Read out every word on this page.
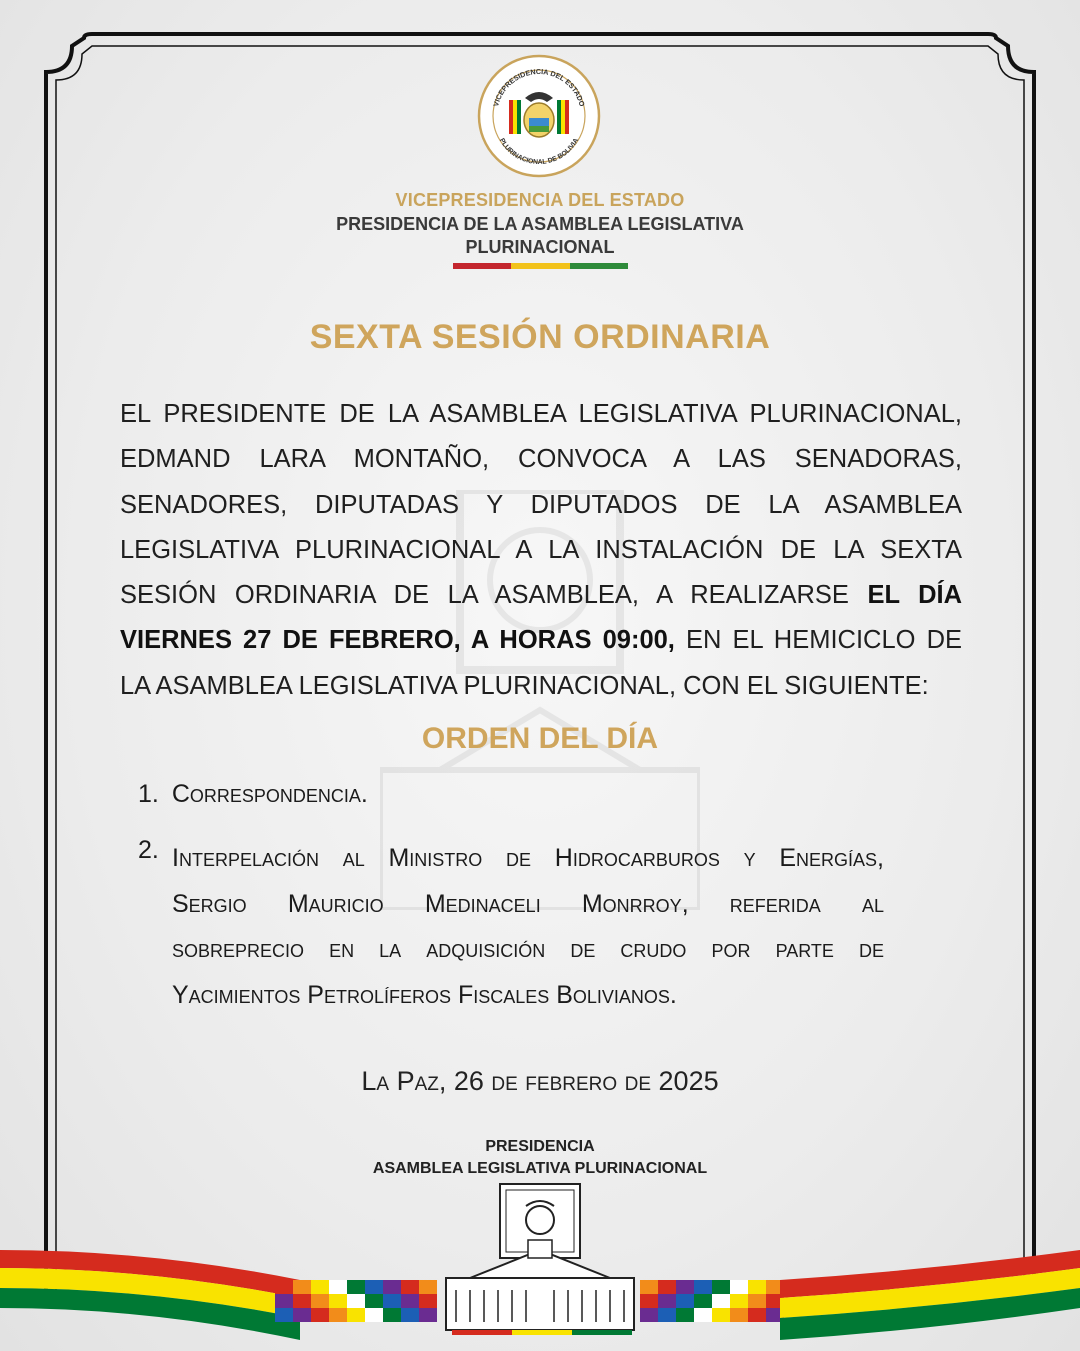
VICEPRESIDENCIA DEL ESTADO
PLURINACIONAL DE BOLIVIA
VICEPRESIDENCIA DEL ESTADO
PRESIDENCIA DE LA ASAMBLEA LEGISLATIVA
PLURINACIONAL
SEXTA SESIÓN ORDINARIA
EL PRESIDENTE DE LA ASAMBLEA LEGISLATIVA PLURINACIONAL,
EDMAND LARA MONTAÑO, CONVOCA A LAS SENADORAS,
SENADORES, DIPUTADAS Y DIPUTADOS DE LA ASAMBLEA
LEGISLATIVA PLURINACIONAL A LA INSTALACIÓN DE LA SEXTA
SESIÓN ORDINARIA DE LA ASAMBLEA, A REALIZARSE EL DÍA
VIERNES 27 DE FEBRERO, A HORAS 09:00, EN EL HEMICICLO DE
LA ASAMBLEA LEGISLATIVA PLURINACIONAL, CON EL SIGUIENTE:
ORDEN DEL DÍA
1. Correspondencia.
2. Interpelación al Ministro de Hidrocarburos y Energías,
Sergio Mauricio Medinaceli Monrroy, referida al
sobreprecio en la adquisición de crudo por parte de
Yacimientos Petrolíferos Fiscales Bolivianos.
La Paz, 26 de febrero de 2025
PRESIDENCIA
ASAMBLEA LEGISLATIVA PLURINACIONAL
